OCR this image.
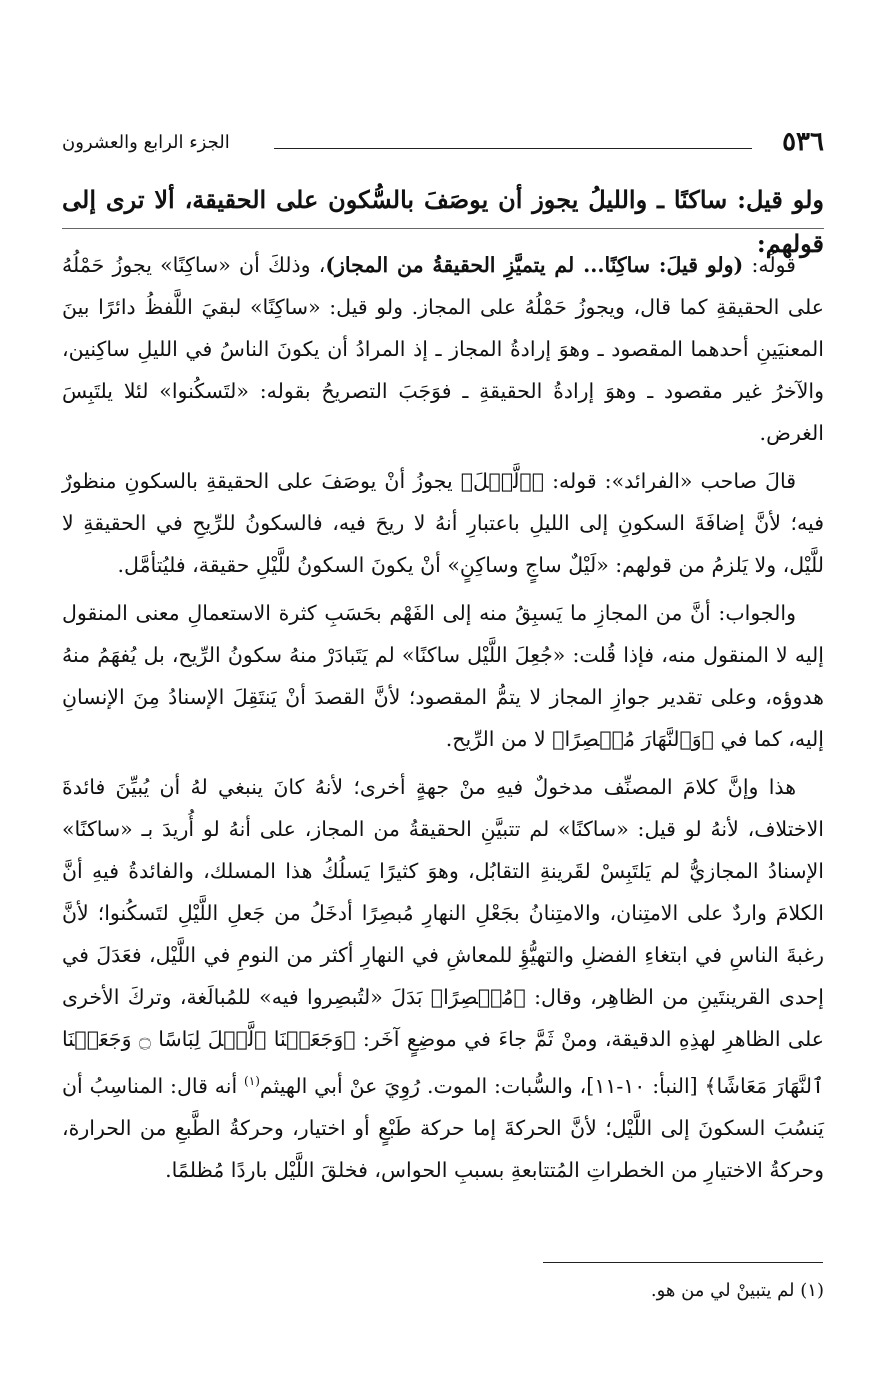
٥٣٦
الجزء الرابع والعشرون

ولو قيل: ساكنًا ـ والليلُ يجوز أن يوصَفَ بالسُّكون على الحقيقة، ألا ترى إلى قولهم:

قولُه: (ولو قيلَ: ساكِنًا... لم يتميَّزِ الحقيقةُ من المجاز)، وذلكَ أن «ساكِنًا» يجوزُ حَمْلُهُ على الحقيقةِ كما قال، ويجوزُ حَمْلُهُ على المجاز. ولو قيل: «ساكِنًا» لبقيَ اللَّفظُ دائرًا بينَ المعنيَينِ أحدهما المقصود ـ وهوَ إرادةُ المجاز ـ إذ المرادُ أن يكونَ الناسُ في الليلِ ساكِنين، والآخرُ غير مقصود ـ وهوَ إرادةُ الحقيقةِ ـ فوَجَبَ التصريحُ بقوله: «لتَسكُنوا» لئلا يلتَبِسَ الغرض.

قالَ صاحب «الفرائد»: قوله: ﴿ٱلَّيۡلَ﴾ يجوزُ أنْ يوصَفَ على الحقيقةِ بالسكونِ منظورٌ فيه؛ لأنَّ إضافَةَ السكونِ إلى الليلِ باعتبارِ أنهُ لا ريحَ فيه، فالسكونُ للرِّيحِ في الحقيقةِ لا للَّيْل، ولا يَلزمُ من قولهم: «لَيْلٌ ساجٍ وساكِنٍ» أنْ يكونَ السكونُ للَّيْلِ حقيقة، فليُتأمَّل.

والجواب: أنَّ من المجازِ ما يَسبِقُ منه إلى الفَهْم بحَسَبِ كثرة الاستعمالِ معنى المنقول إليه لا المنقول منه، فإذا قُلت: «جُعِلَ اللَّيْل ساكنًا» لم يَتَبادَرْ منهُ سكونُ الرِّيح، بل يُفهَمُ منهُ هدوؤه، وعلى تقدير جوازِ المجاز لا يتمُّ المقصود؛ لأنَّ القصدَ أنْ يَنتَقِلَ الإسنادُ مِنَ الإنسانِ إليه، كما في ﴿وَٱلنَّهَارَ مُبۡصِرًا﴾ لا من الرِّيح.

هذا وإنَّ كلامَ المصنِّف مدخولٌ فيهِ منْ جهةٍ أخرى؛ لأنهُ كانَ ينبغي لهُ أن يُبيِّنَ فائدةَ الاختلاف، لأنهُ لو قيل: «ساكنًا» لم تتبيَّنِ الحقيقةُ من المجاز، على أنهُ لو أُريدَ بـ «ساكنًا» الإسنادُ المجازيُّ لم يَلتَبِسْ لقَرينةِ التقابُل، وهوَ كثيرًا يَسلُكُ هذا المسلك، والفائدةُ فيهِ أنَّ الكلامَ واردٌ على الامتِنان، والامتِنانُ بجَعْلِ النهارِ مُبصِرًا أدخَلُ من جَعلِ اللَّيْلِ لتَسكُنوا؛ لأنَّ رغبةَ الناسِ في ابتغاءِ الفضلِ والتهيُّؤِ للمعاشِ في النهارِ أكثر من النومِ في اللَّيْل، فعَدَلَ في إحدى القرينتَينِ من الظاهِر، وقال: ﴿مُبۡصِرًا﴾ بَدَلَ «لتُبصِروا فيه» للمُبالَغة، وتركَ الأخرى على الظاهرِ لهذِهِ الدقيقة، ومنْ ثَمَّ جاءَ في موضِعٍ آخَر: ﴿وَجَعَلۡنَا ٱلَّيۡلَ لِبَاسًا ۝ وَجَعَلۡنَا ٱلنَّهَارَ مَعَاشًا﴾ [النبأ: ١٠-١١]، والسُّبات: الموت. رُوِيَ عنْ أبي الهيثم$^{(١)}$ أنه قال: المناسِبُ أن يَنسُبَ السكونَ إلى اللَّيْل؛ لأنَّ الحركةَ إما حركة طَبْعٍ أو اختيار، وحركةُ الطَّبعِ من الحرارة، وحركةُ الاختيارِ من الخطراتِ المُتتابعةِ بسببِ الحواس، فخلقَ اللَّيْل باردًا مُظلمًا.

(١) لم يتبينْ لي من هو.
